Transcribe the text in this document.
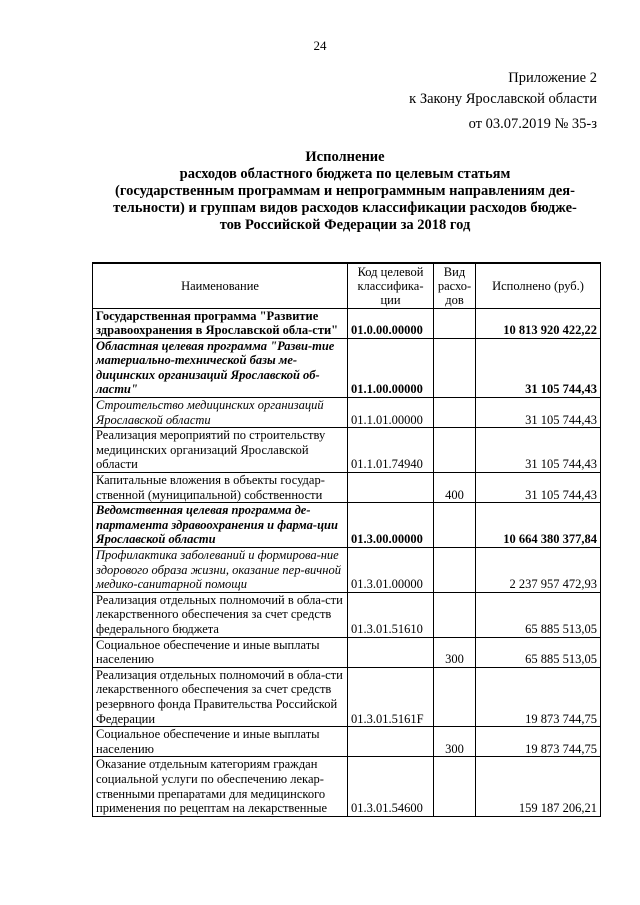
24
Приложение 2
к Закону Ярославской области
от 03.07.2019 № 35-з
Исполнение
расходов областного бюджета по целевым статьям
(государственным программам и непрограммным направлениям дея-
тельности) и группам видов расходов классификации расходов бюдже-
тов Российской Федерации за 2018 год
Наименование	Код целевой классифика-ции	Вид расхо-дов	Исполнено (руб.)
Государственная программа "Развитие здравоохранения в Ярославской обла-сти"	01.0.00.00000		10 813 920 422,22
Областная целевая программа "Разви-тие материально-технической базы ме-дицинских организаций Ярославской об-ласти"	01.1.00.00000		31 105 744,43
Строительство медицинских организаций Ярославской области	01.1.01.00000		31 105 744,43
Реализация мероприятий по строительству медицинских организаций Ярославской области	01.1.01.74940		31 105 744,43
Капитальные вложения в объекты государ-ственной (муниципальной) собственности		400	31 105 744,43
Ведомственная целевая программа де-партамента здравоохранения и фарма-ции Ярославской области	01.3.00.00000		10 664 380 377,84
Профилактика заболеваний и формирова-ние здорового образа жизни, оказание пер-вичной медико-санитарной помощи	01.3.01.00000		2 237 957 472,93
Реализация отдельных полномочий в обла-сти лекарственного обеспечения за счет средств федерального бюджета	01.3.01.51610		65 885 513,05
Социальное обеспечение и иные выплаты населению		300	65 885 513,05
Реализация отдельных полномочий в обла-сти лекарственного обеспечения за счет средств резервного фонда Правительства Российской Федерации	01.3.01.5161F		19 873 744,75
Социальное обеспечение и иные выплаты населению		300	19 873 744,75
Оказание отдельным категориям граждан социальной услуги по обеспечению лекар-ственными препаратами для медицинского применения по рецептам на лекарственные	01.3.01.54600		159 187 206,21
